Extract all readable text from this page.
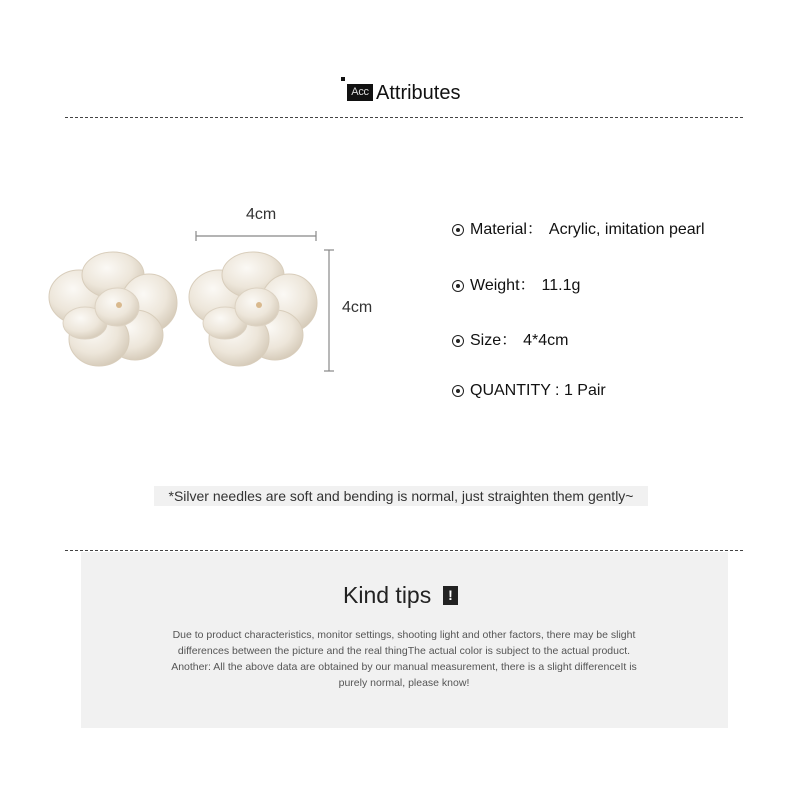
Acc Attributes
4cm
4cm
Material： Acrylic, imitation pearl
Weight： 11.1g
Size： 4*4cm
QUANTITY : 1 Pair
*Silver needles are soft and bending is normal, just straighten them gently~
Kind tips	!
Due to product characteristics, monitor settings, shooting light and other factors, there may be slight
differences between the picture and the real thingThe actual color is subject to the actual product.
Another: All the above data are obtained by our manual measurement, there is a slight differenceIt is
purely normal, please know!
